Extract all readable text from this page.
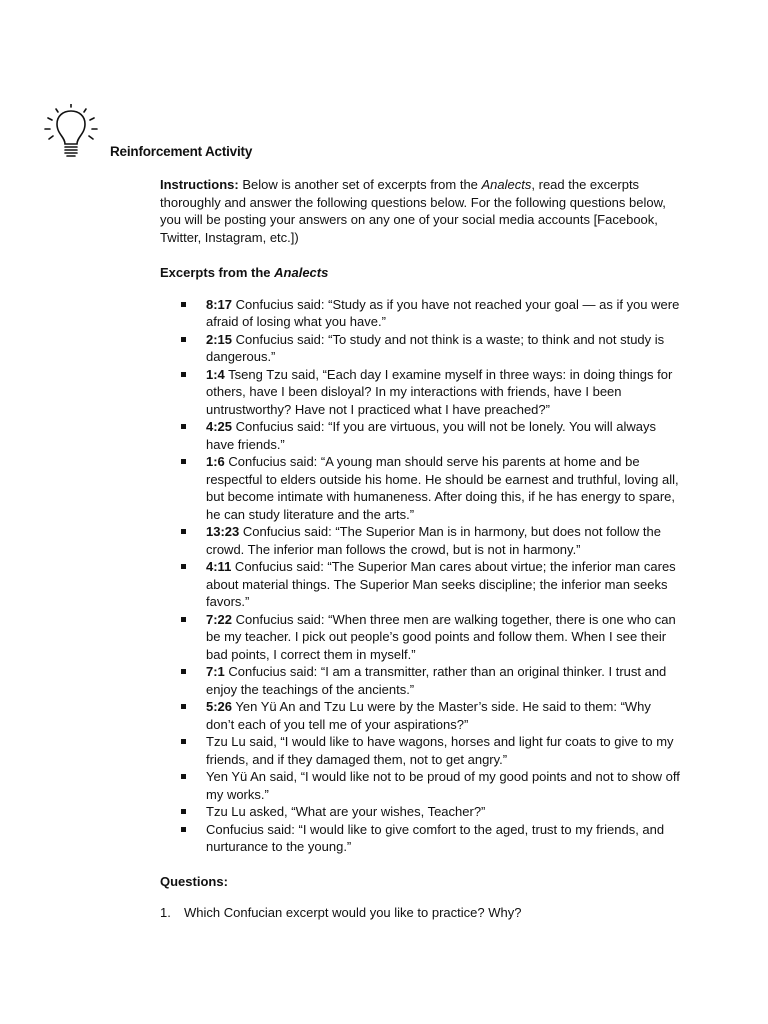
Reinforcement Activity

Instructions: Below is another set of excerpts from the Analects, read the excerpts thoroughly and answer the following questions below. For the following questions below, you will be posting your answers on any one of your social media accounts [Facebook, Twitter, Instagram, etc.])

Excerpts from the Analects
8:17 Confucius said: “Study as if you have not reached your goal — as if you were afraid of losing what you have.”
2:15 Confucius said: “To study and not think is a waste; to think and not study is dangerous.”
1:4 Tseng Tzu said, “Each day I examine myself in three ways: in doing things for others, have I been disloyal? In my interactions with friends, have I been untrustworthy? Have not I practiced what I have preached?”
4:25 Confucius said: “If you are virtuous, you will not be lonely. You will always have friends.”
1:6 Confucius said: “A young man should serve his parents at home and be respectful to elders outside his home. He should be earnest and truthful, loving all, but become intimate with humaneness. After doing this, if he has energy to spare, he can study literature and the arts.”
13:23 Confucius said: “The Superior Man is in harmony, but does not follow the crowd. The inferior man follows the crowd, but is not in harmony.”
4:11 Confucius said: “The Superior Man cares about virtue; the inferior man cares about material things. The Superior Man seeks discipline; the inferior man seeks favors.”
7:22 Confucius said: “When three men are walking together, there is one who can be my teacher. I pick out people’s good points and follow them. When I see their bad points, I correct them in myself.”
7:1 Confucius said: “I am a transmitter, rather than an original thinker. I trust and enjoy the teachings of the ancients.”
5:26 Yen Yü An and Tzu Lu were by the Master’s side. He said to them: “Why don’t each of you tell me of your aspirations?”
Tzu Lu said, “I would like to have wagons, horses and light fur coats to give to my friends, and if they damaged them, not to get angry.”
Yen Yü An said, “I would like not to be proud of my good points and not to show off my works.”
Tzu Lu asked, “What are your wishes, Teacher?”
Confucius said: “I would like to give comfort to the aged, trust to my friends, and nurturance to the young.”
Questions:
1.	Which Confucian excerpt would you like to practice? Why?
